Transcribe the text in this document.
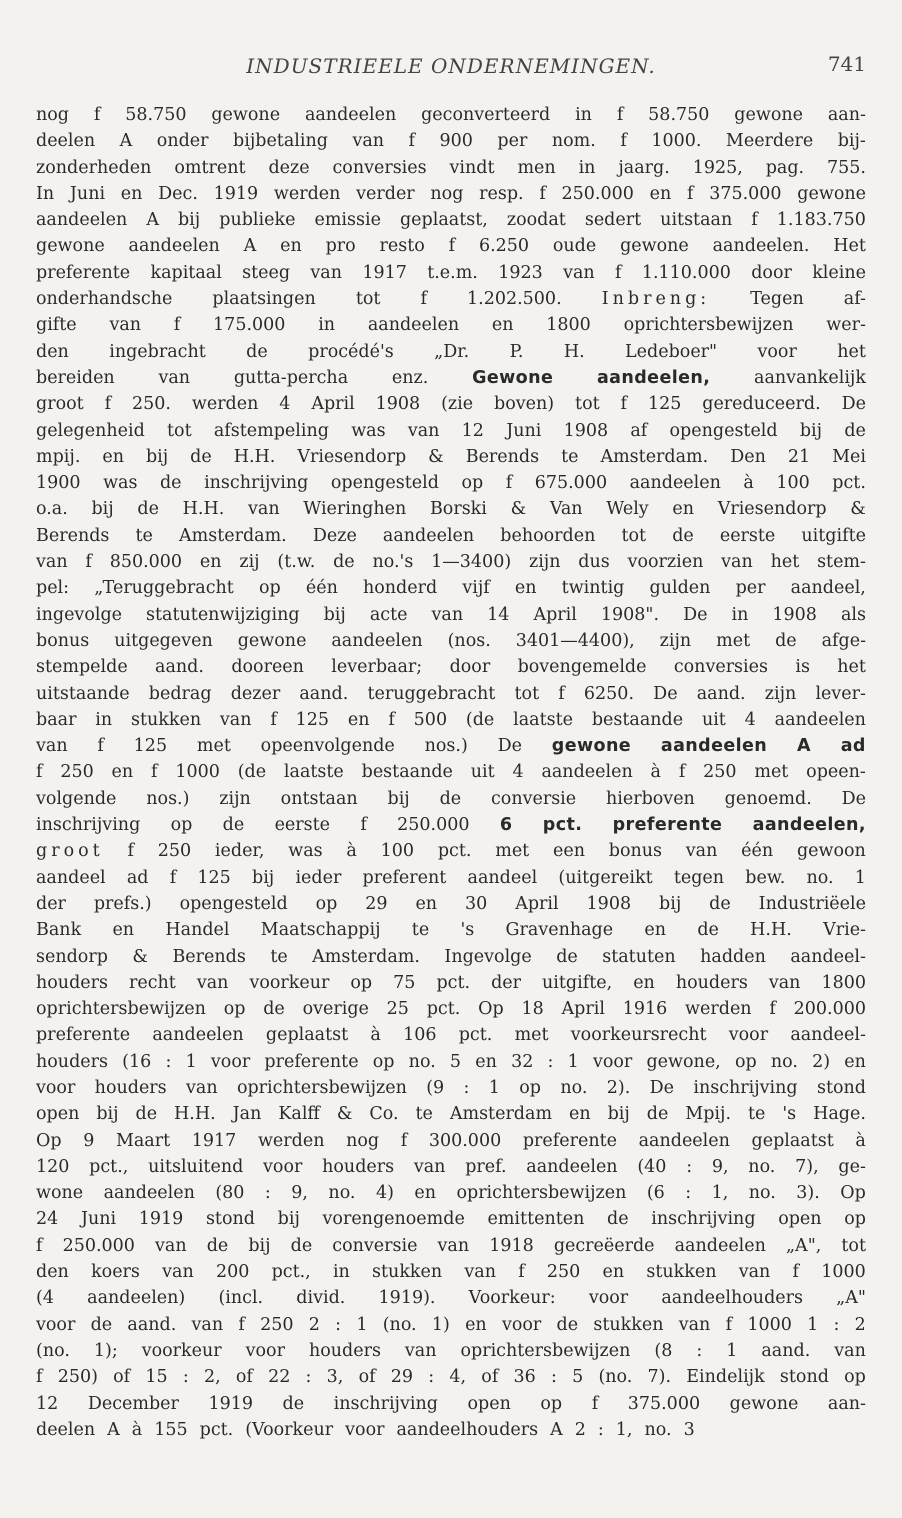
INDUSTRIEELE ONDERNEMINGEN.	741
nog f 58.750 gewone aandeelen geconverteerd in f 58.750 gewone aan-
deelen A onder bijbetaling van f 900 per nom. f 1000. Meerdere bij-
zonderheden omtrent deze conversies vindt men in jaarg. 1925, pag. 755.
In Juni en Dec. 1919 werden verder nog resp. f 250.000 en f 375.000 gewone
aandeelen A bij publieke emissie geplaatst, zoodat sedert uitstaan f 1.183.750
gewone aandeelen A en pro resto f 6.250 oude gewone aandeelen. Het
preferente kapitaal steeg van 1917 t.e.m. 1923 van f 1.110.000 door kleine
onderhandsche plaatsingen tot f 1.202.500. Inbreng: Tegen af-
gifte van f 175.000 in aandeelen en 1800 oprichtersbewijzen wer-
den ingebracht de procédé's „Dr. P. H. Ledeboer" voor het
bereiden	van	gutta-percha	enz.	Gewone	aandeelen,	aanvankelijk
groot f 250. werden 4 April 1908 (zie boven) tot f 125 gereduceerd. De
gelegenheid tot afstempeling was van 12 Juni 1908 af opengesteld bij de
mpij. en bij de H.H. Vriesendorp & Berends te Amsterdam. Den 21 Mei
1900 was de inschrijving opengesteld op f 675.000 aandeelen à 100 pct.
o.a. bij de H.H. van Wieringhen Borski & Van Wely en Vriesendorp &
Berends te Amsterdam. Deze aandeelen behoorden tot de eerste uitgifte
van f 850.000 en zij (t.w. de no.'s 1—3400) zijn dus voorzien van het stem-
pel: „Teruggebracht op één honderd vijf en twintig gulden per aandeel,
ingevolge statutenwijziging bij acte van 14 April 1908". De in 1908 als
bonus uitgegeven gewone aandeelen (nos. 3401—4400), zijn met de afge-
stempelde aand. dooreen leverbaar; door bovengemelde conversies is het
uitstaande bedrag dezer aand. teruggebracht tot f 6250. De aand. zijn lever-
baar in stukken van f 125 en f 500 (de laatste bestaande uit 4 aandeelen
van f 125 met opeenvolgende nos.) De gewone aandeelen A ad
f 250 en f 1000 (de laatste bestaande uit 4 aandeelen à f 250 met opeen-
volgende nos.) zijn ontstaan bij de conversie hierboven genoemd. De
inschrijving op de eerste f 250.000 6 pct. preferente aandeelen,
groot f 250 ieder, was à 100 pct. met een bonus van één gewoon
aandeel ad f 125 bij ieder preferent aandeel (uitgereikt tegen bew. no. 1
der prefs.) opengesteld op 29 en 30 April 1908 bij de Industriëele
Bank en Handel Maatschappij te 's Gravenhage en de H.H. Vrie-
sendorp & Berends te Amsterdam. Ingevolge de statuten hadden aandeel-
houders recht van voorkeur op 75 pct. der uitgifte, en houders van 1800
oprichtersbewijzen op de overige 25 pct. Op 18 April 1916 werden f 200.000
preferente aandeelen geplaatst à 106 pct. met voorkeursrecht voor aandeel-
houders (16 : 1 voor preferente op no. 5 en 32 : 1 voor gewone, op no. 2) en
voor houders van oprichtersbewijzen (9 : 1 op no. 2). De inschrijving stond
open bij de H.H. Jan Kalff & Co. te Amsterdam en bij de Mpij. te 's Hage.
Op 9 Maart 1917 werden nog f 300.000 preferente aandeelen geplaatst à
120 pct., uitsluitend voor houders van pref. aandeelen (40 : 9, no. 7), ge-
wone aandeelen (80 : 9, no. 4) en oprichtersbewijzen (6 : 1, no. 3). Op
24 Juni 1919 stond bij vorengenoemde emittenten de inschrijving open op
f 250.000 van de bij de conversie van 1918 gecreëerde aandeelen „A", tot
den koers van 200 pct., in stukken van f 250 en stukken van f 1000
(4 aandeelen) (incl. divid. 1919). Voorkeur: voor aandeelhouders „A"
voor de aand. van f 250 2 : 1 (no. 1) en voor de stukken van f 1000 1 : 2
(no. 1); voorkeur voor houders van oprichtersbewijzen (8 : 1 aand. van
f 250) of 15 : 2, of 22 : 3, of 29 : 4, of 36 : 5 (no. 7). Eindelijk stond op
12 December 1919 de inschrijving open op f 375.000 gewone aan-
deelen A à 155 pct. (Voorkeur voor aandeelhouders A 2 : 1, no. 3
